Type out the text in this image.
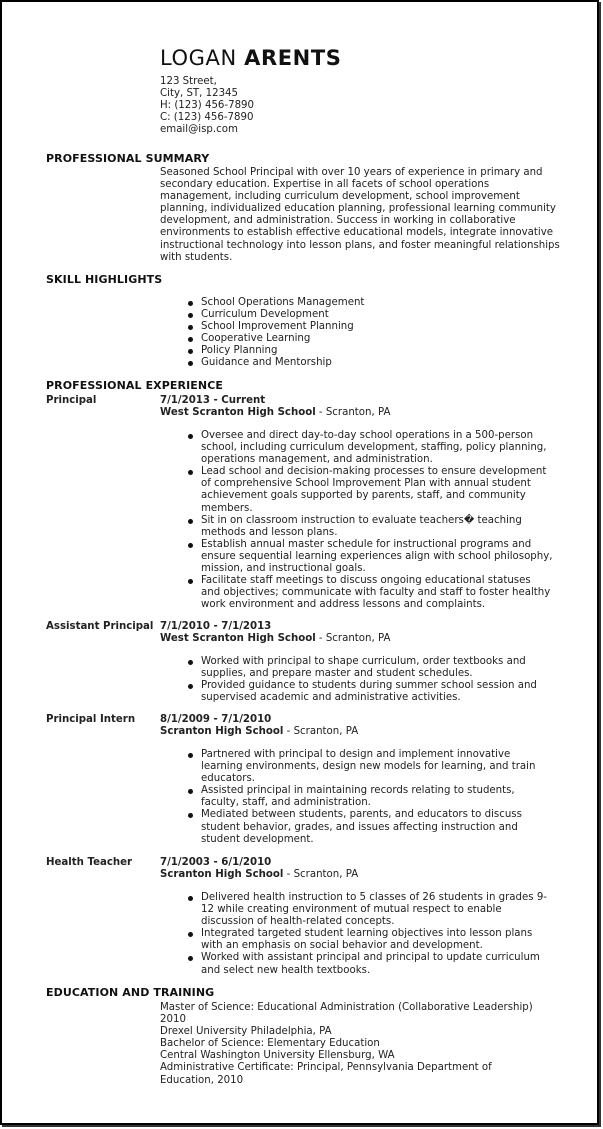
LOGAN ARENTS
123 Street,
City, ST, 12345
H: (123) 456-7890
C: (123) 456-7890
email@isp.com
PROFESSIONAL SUMMARY
Seasoned School Principal with over 10 years of experience in primary and secondary education. Expertise in all facets of school operations management, including curriculum development, school improvement planning, individualized education planning, professional learning community development, and administration. Success in working in collaborative environments to establish effective educational models, integrate innovative instructional technology into lesson plans, and foster meaningful relationships with students.
SKILL HIGHLIGHTS
School Operations Management
Curriculum Development
School Improvement Planning
Cooperative Learning
Policy Planning
Guidance and Mentorship
PROFESSIONAL EXPERIENCE
Principal	7/1/2013 - Current
West Scranton High School - Scranton, PA
Oversee and direct day-to-day school operations in a 500-person school, including curriculum development, staffing, policy planning, operations management, and administration.
Lead school and decision-making processes to ensure development of comprehensive School Improvement Plan with annual student achievement goals supported by parents, staff, and community members.
Sit in on classroom instruction to evaluate teachers� teaching methods and lesson plans.
Establish annual master schedule for instructional programs and ensure sequential learning experiences align with school philosophy, mission, and instructional goals.
Facilitate staff meetings to discuss ongoing educational statuses and objectives; communicate with faculty and staff to foster healthy work environment and address lessons and complaints.
Assistant Principal 7/1/2010 - 7/1/2013
West Scranton High School - Scranton, PA
Worked with principal to shape curriculum, order textbooks and supplies, and prepare master and student schedules.
Provided guidance to students during summer school session and supervised academic and administrative activities.
Principal Intern 8/1/2009 - 7/1/2010
Scranton High School - Scranton, PA
Partnered with principal to design and implement innovative learning environments, design new models for learning, and train educators.
Assisted principal in maintaining records relating to students, faculty, staff, and administration.
Mediated between students, parents, and educators to discuss student behavior, grades, and issues affecting instruction and student development.
Health Teacher	7/1/2003 - 6/1/2010
Scranton High School - Scranton, PA
Delivered health instruction to 5 classes of 26 students in grades 9-12 while creating environment of mutual respect to enable discussion of health-related concepts.
Integrated targeted student learning objectives into lesson plans with an emphasis on social behavior and development.
Worked with assistant principal and principal to update curriculum and select new health textbooks.
EDUCATION AND TRAINING
Master of Science: Educational Administration (Collaborative Leadership)
2010
Drexel University Philadelphia, PA
Bachelor of Science: Elementary Education
Central Washington University Ellensburg, WA
Administrative Certificate: Principal, Pennsylvania Department of
Education, 2010
